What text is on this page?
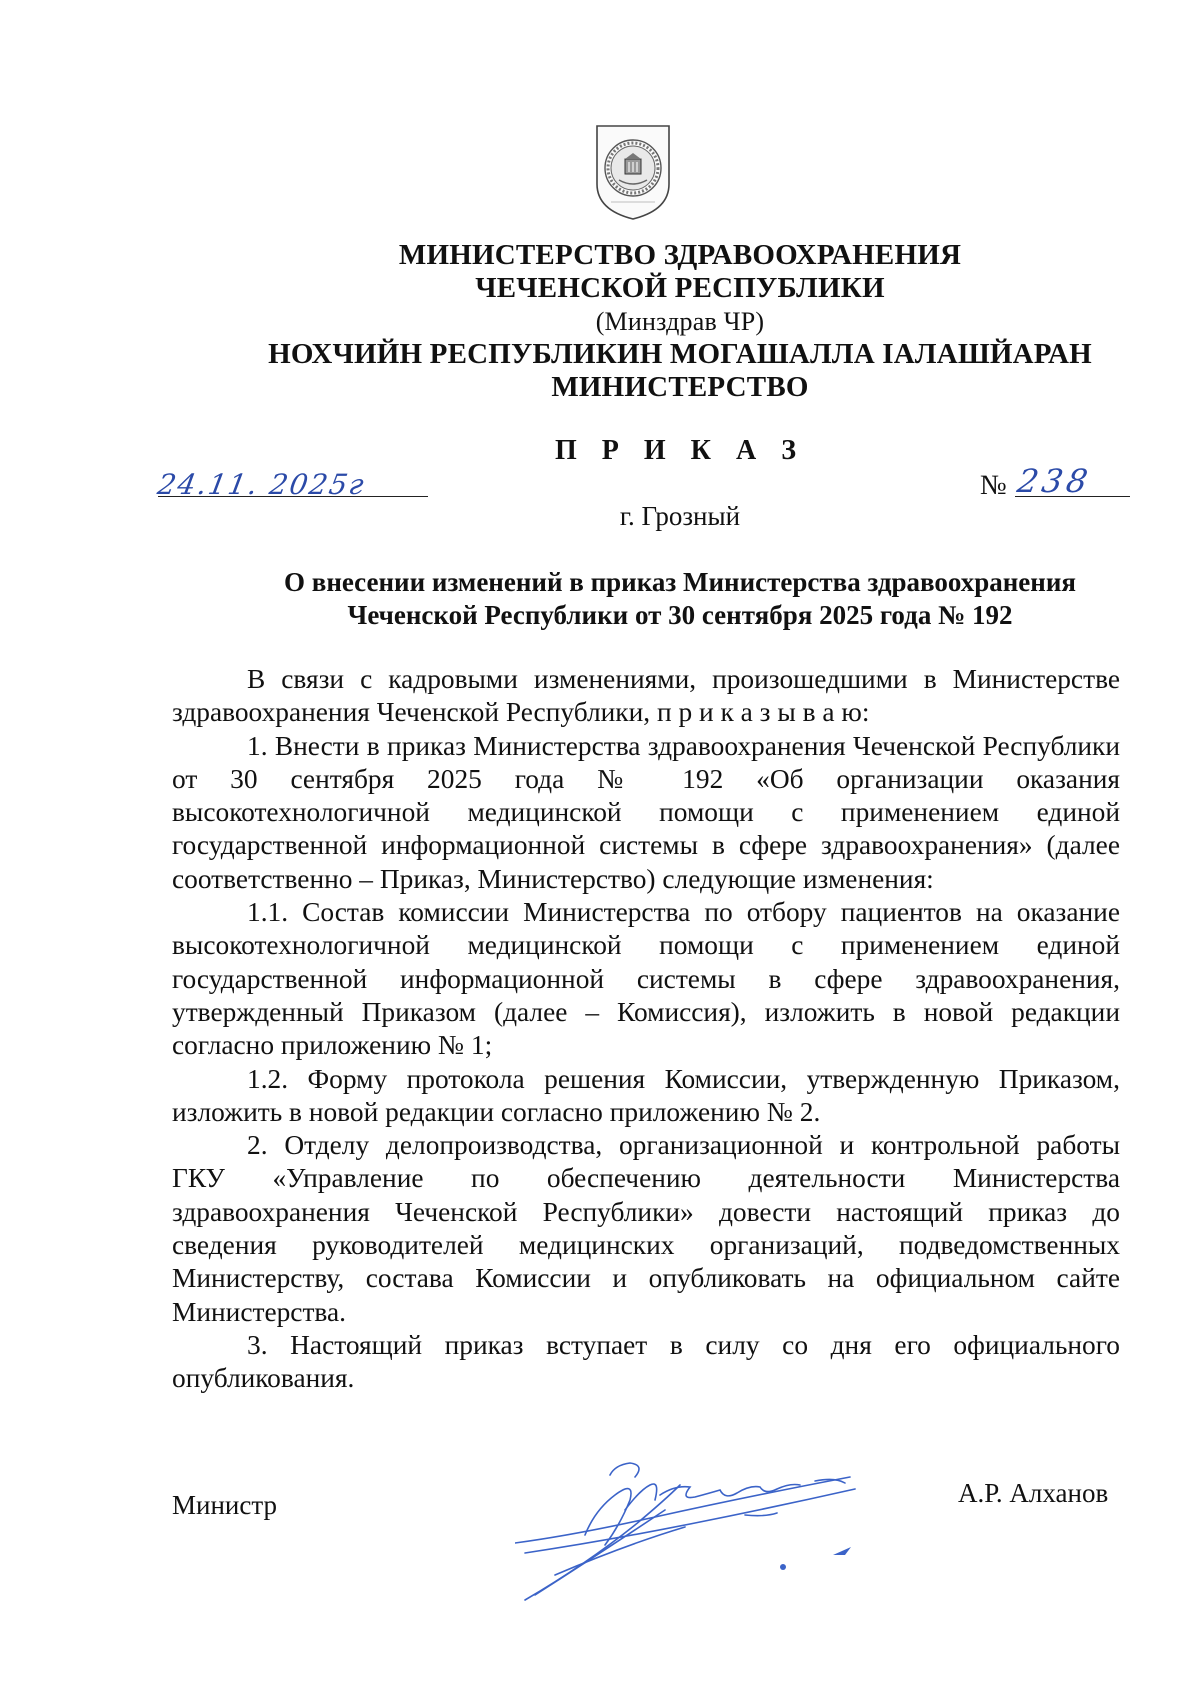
МИНИСТЕРСТВО ЗДРАВООХРАНЕНИЯ
ЧЕЧЕНСКОЙ РЕСПУБЛИКИ
(Минздрав ЧР)
НОХЧИЙН РЕСПУБЛИКИН МОГАШАЛЛА IАЛАШЙАРАН
МИНИСТЕРСТВО
П Р И К А З
24.11. 2025г	№ 238
г. Грозный
О внесении изменений в приказ Министерства здравоохранения
Чеченской Республики от 30 сентября 2025 года № 192

В связи с кадровыми изменениями, произошедшими в Министерстве здравоохранения Чеченской Республики, п р и к а з ы в а ю:

1. Внести в приказ Министерства здравоохранения Чеченской Республики от 30 сентября 2025 года № 192 «Об организации оказания высокотехнологичной медицинской помощи с применением единой государственной информационной системы в сфере здравоохранения» (далее соответственно – Приказ, Министерство) следующие изменения:

1.1. Состав комиссии Министерства по отбору пациентов на оказание высокотехнологичной медицинской помощи с применением единой государственной информационной системы в сфере здравоохранения, утвержденный Приказом (далее – Комиссия), изложить в новой редакции согласно приложению № 1;

1.2. Форму протокола решения Комиссии, утвержденную Приказом, изложить в новой редакции согласно приложению № 2.

2. Отделу делопроизводства, организационной и контрольной работы ГКУ «Управление по обеспечению деятельности Министерства здравоохранения Чеченской Республики» довести настоящий приказ до сведения руководителей медицинских организаций, подведомственных Министерству, состава Комиссии и опубликовать на официальном сайте Министерства.

3. Настоящий приказ вступает в силу со дня его официального опубликования.

Министр	А.Р. Алханов
